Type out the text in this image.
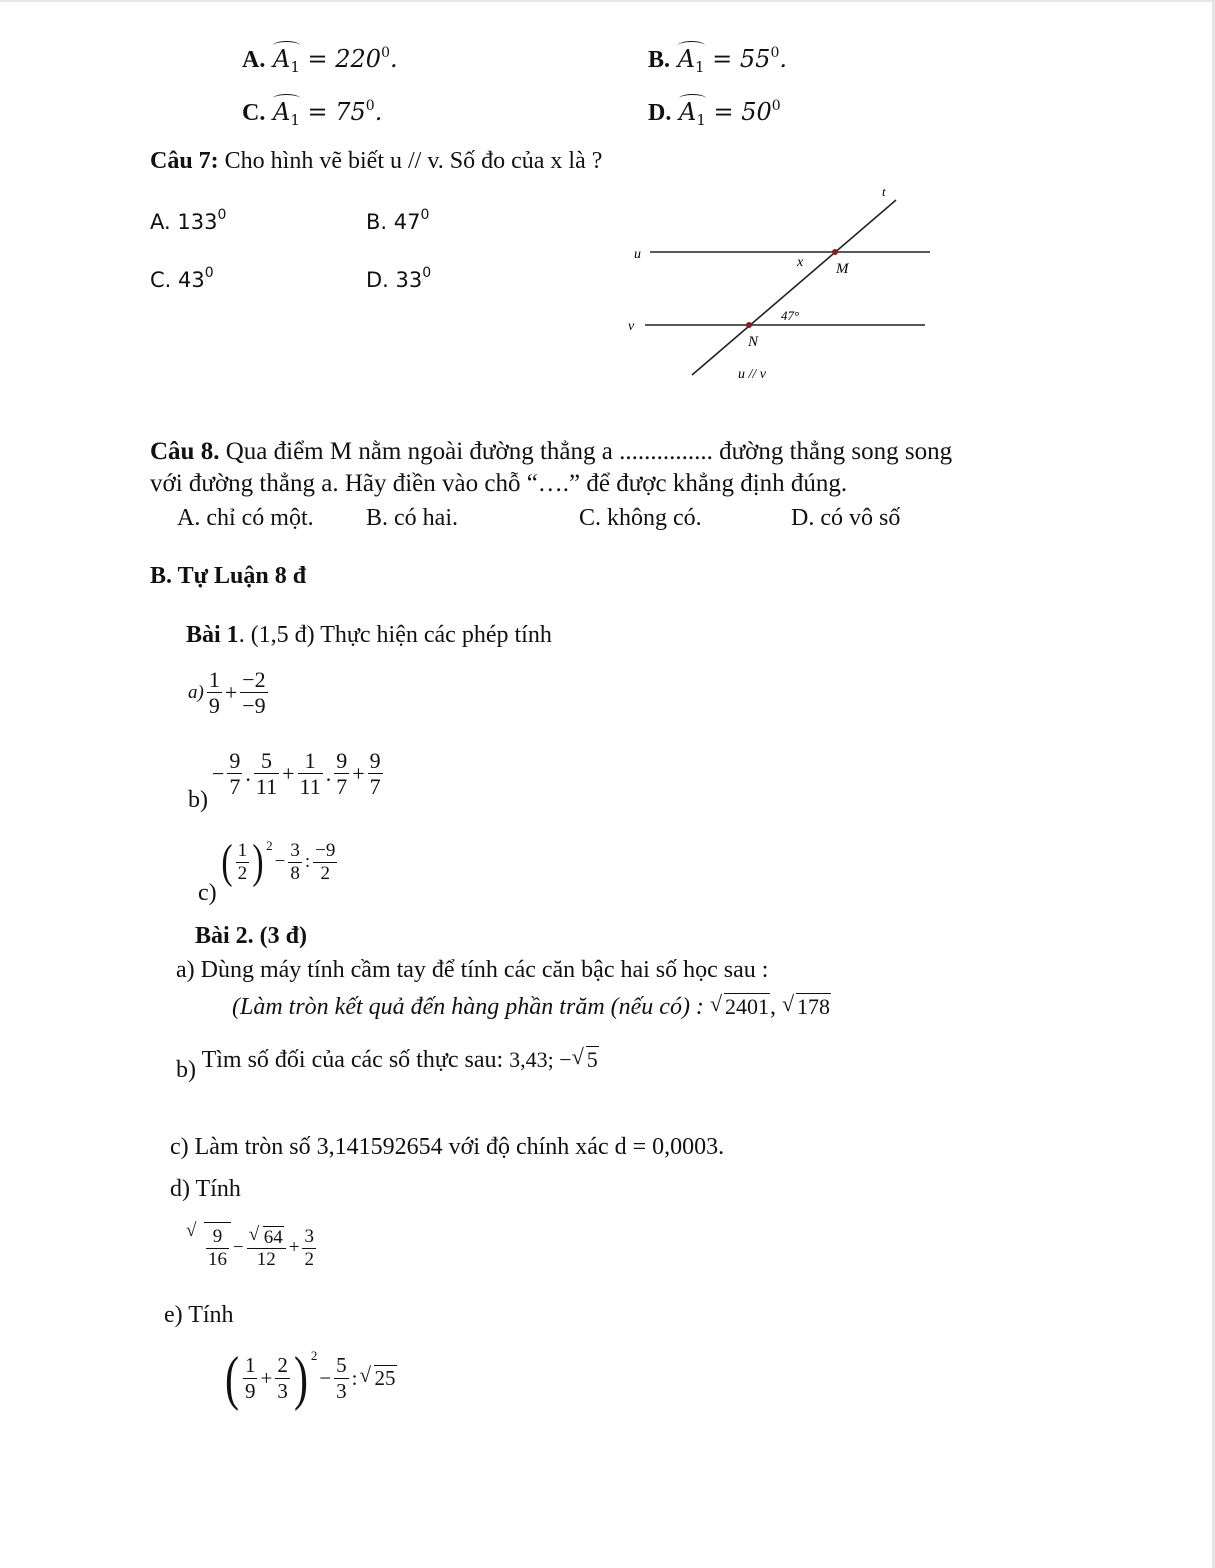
A. $A_1 = 220^0$.	B. $A_1 = 55^0$.
C. $A_1 = 75^0$.	D. $A_1 = 50^0$
Câu 7: Cho hình vẽ biết u // v. Số đo của x là ?
A. $133^0$	B. $47^0$
C. $43^0$	D. $33^0$
t
u
v
x M
47°
N
u // v
Câu 8. Qua điểm M nằm ngoài đường thẳng a ............... đường thẳng song song
với đường thẳng a. Hãy điền vào chỗ “….” để được khẳng định đúng.
A. chỉ có một. B. có hai.	C. không có.	D. có vô số
B. Tự Luận 8 đ
Bài 1. (1,5 đ) Thực hiện các phép tính
$a) \frac{1}{9} + \frac{-2}{-9}$
$b)- \frac{9}{7}$ . $\frac{5}{11} + \frac{1}{11}$ . $\frac{9}{7} + \frac{9}{7}$
$c)( \frac{1}{2}$ ) $2- \frac{3}{8}$ : $\frac{-9}{2}$
Bài 2. (3 đ)
a) Dùng máy tính cầm tay để tính các căn bậc hai số học sau :
(Làm tròn kết quả đến hàng phần trăm (nếu có) : √ 2401, √ 178
b) Tìm số đối của các số thực sau: 3,43; − √ 5
c) Làm tròn số 3,141592654 với độ chính xác d = 0,0003.
d) Tính
√ $\frac{9}{16}$ − √ $\frac{64}{12} + \frac{3}{2}$
e) Tính
( $\frac{1}{9} + \frac{2}{3}$ ) $2- \frac{5}{3}$ : √ 25
